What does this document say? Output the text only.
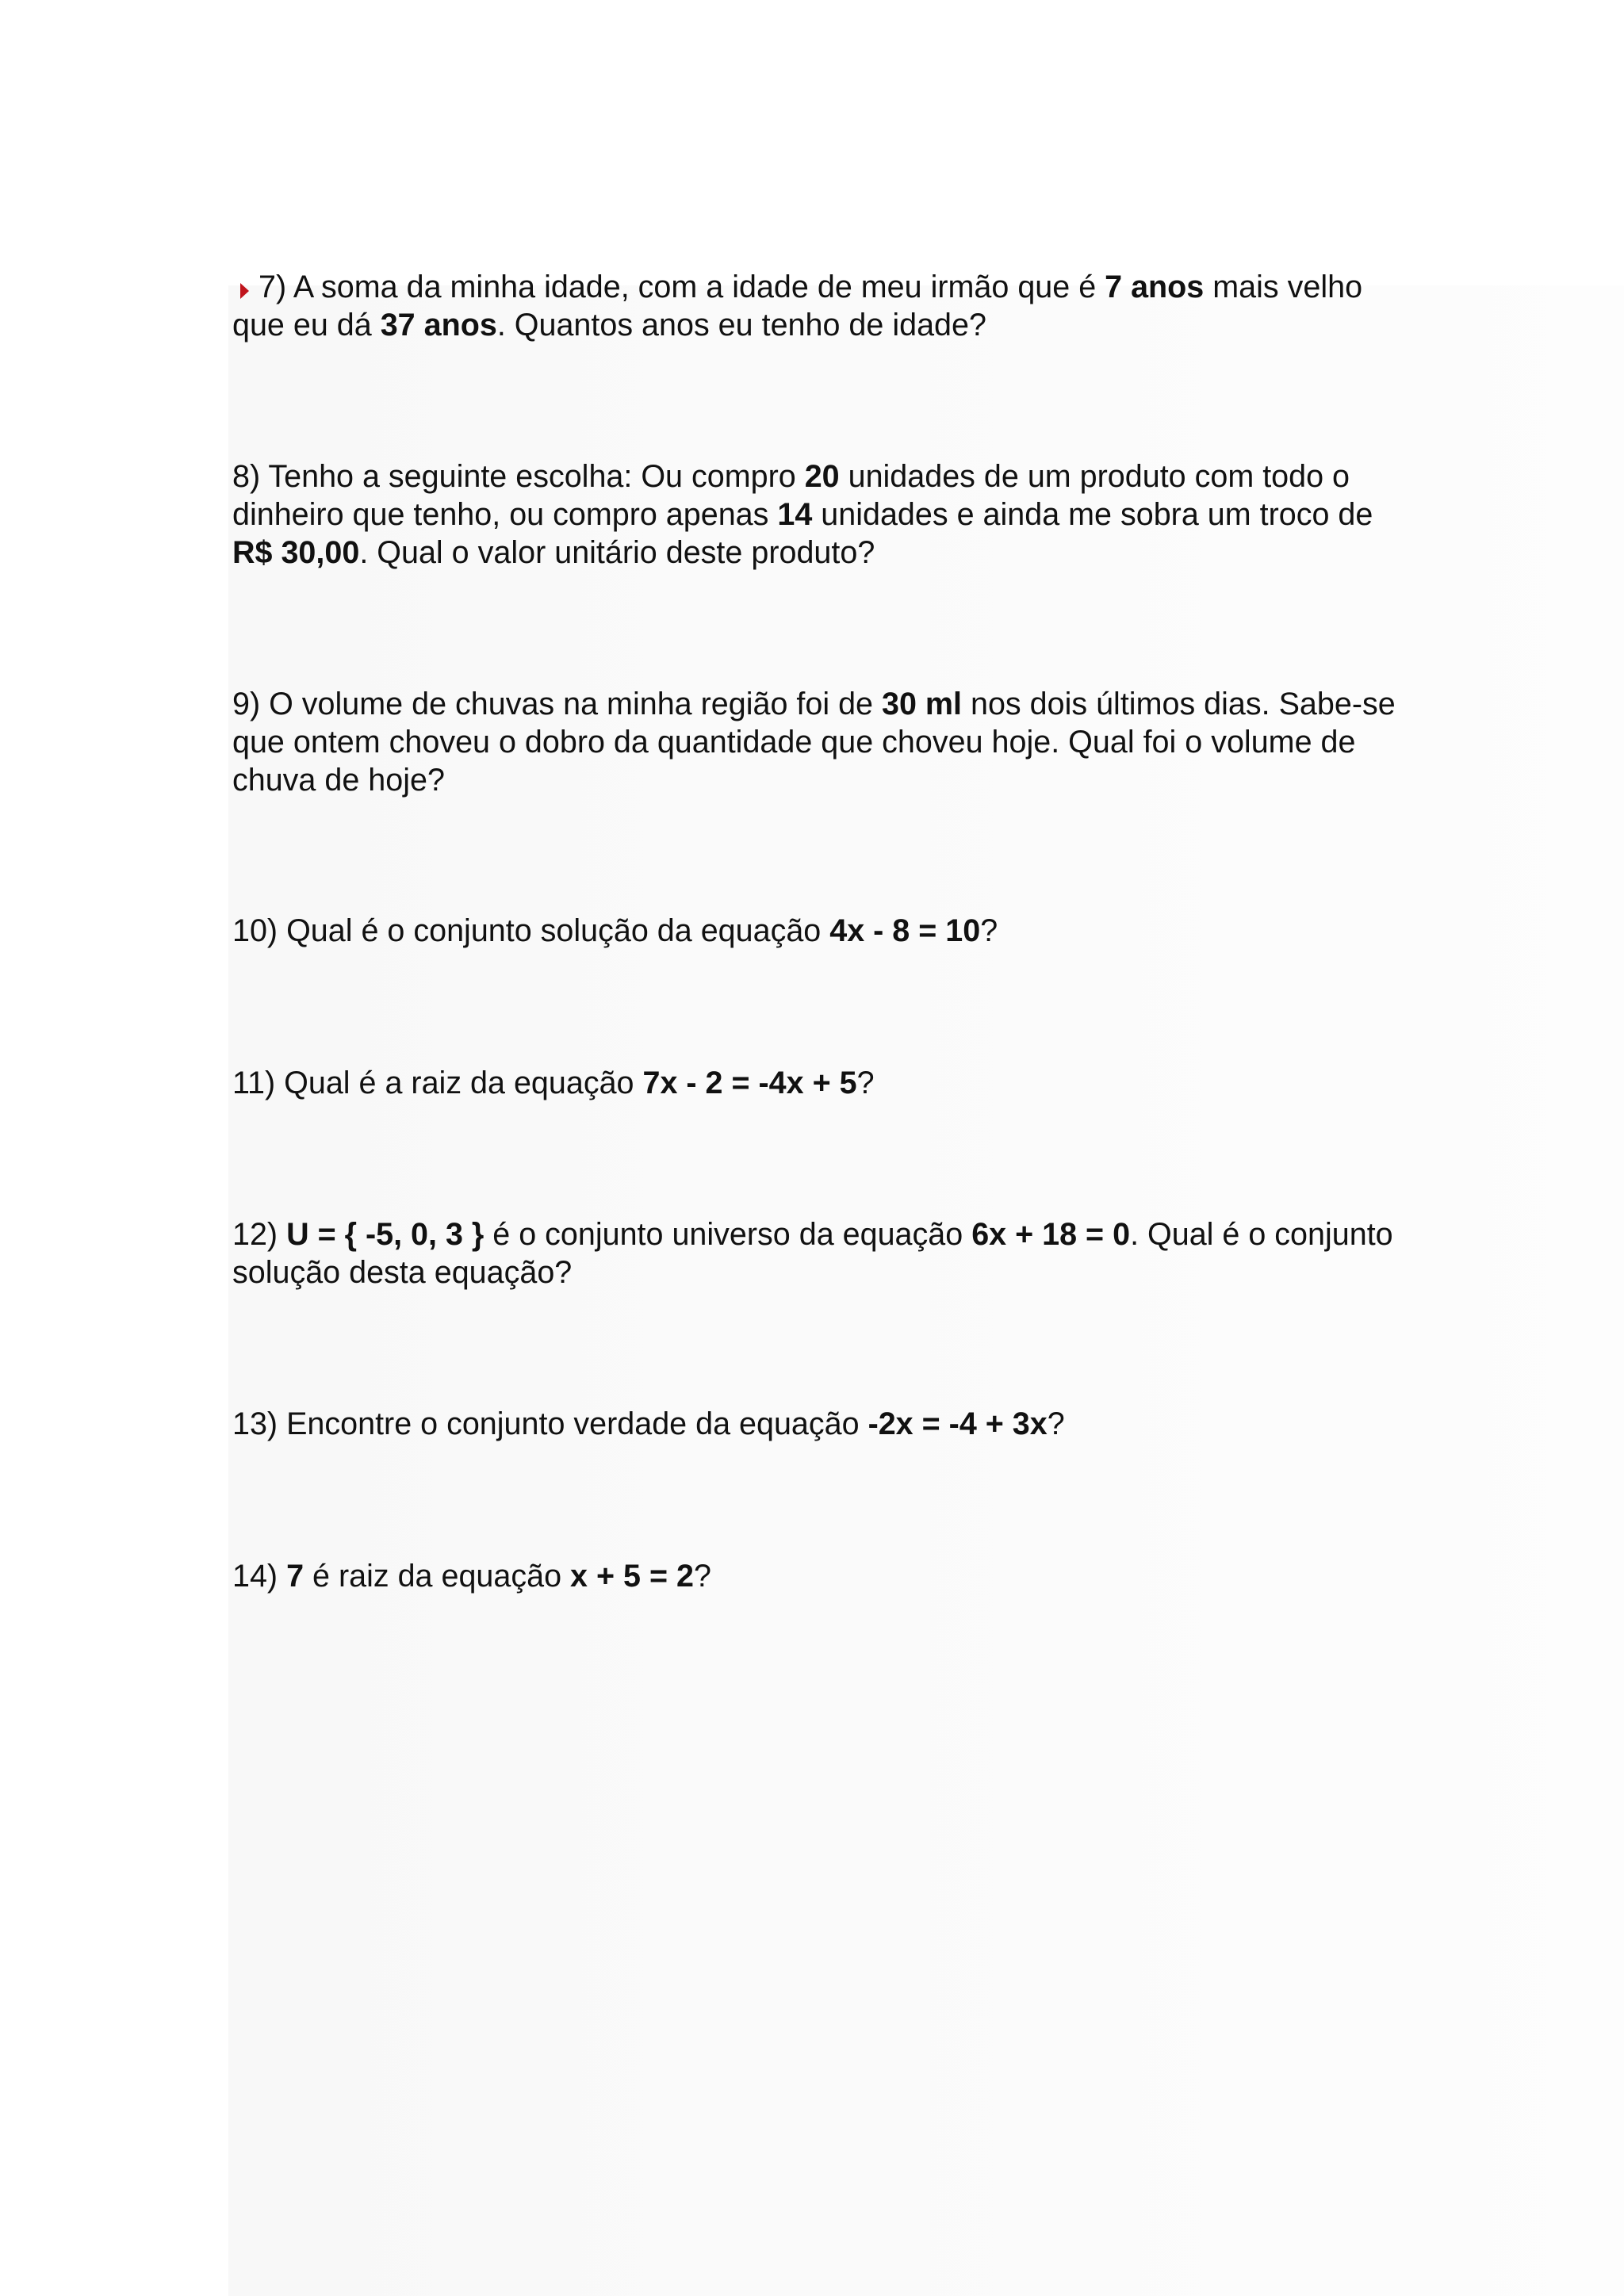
7) A soma da minha idade, com a idade de meu irmão que é 7 anos mais velho que eu dá 37 anos. Quantos anos eu tenho de idade?

8) Tenho a seguinte escolha: Ou compro 20 unidades de um produto com todo o dinheiro que tenho, ou compro apenas 14 unidades e ainda me sobra um troco de R$ 30,00. Qual o valor unitário deste produto?

9) O volume de chuvas na minha região foi de 30 ml nos dois últimos dias. Sabe-se que ontem choveu o dobro da quantidade que choveu hoje. Qual foi o volume de chuva de hoje?

10) Qual é o conjunto solução da equação 4x - 8 = 10?

11) Qual é a raiz da equação 7x - 2 = -4x + 5?

12) U = { -5, 0, 3 } é o conjunto universo da equação 6x + 18 = 0. Qual é o conjunto solução desta equação?

13) Encontre o conjunto verdade da equação -2x = -4 + 3x?

14) 7 é raiz da equação x + 5 = 2?
